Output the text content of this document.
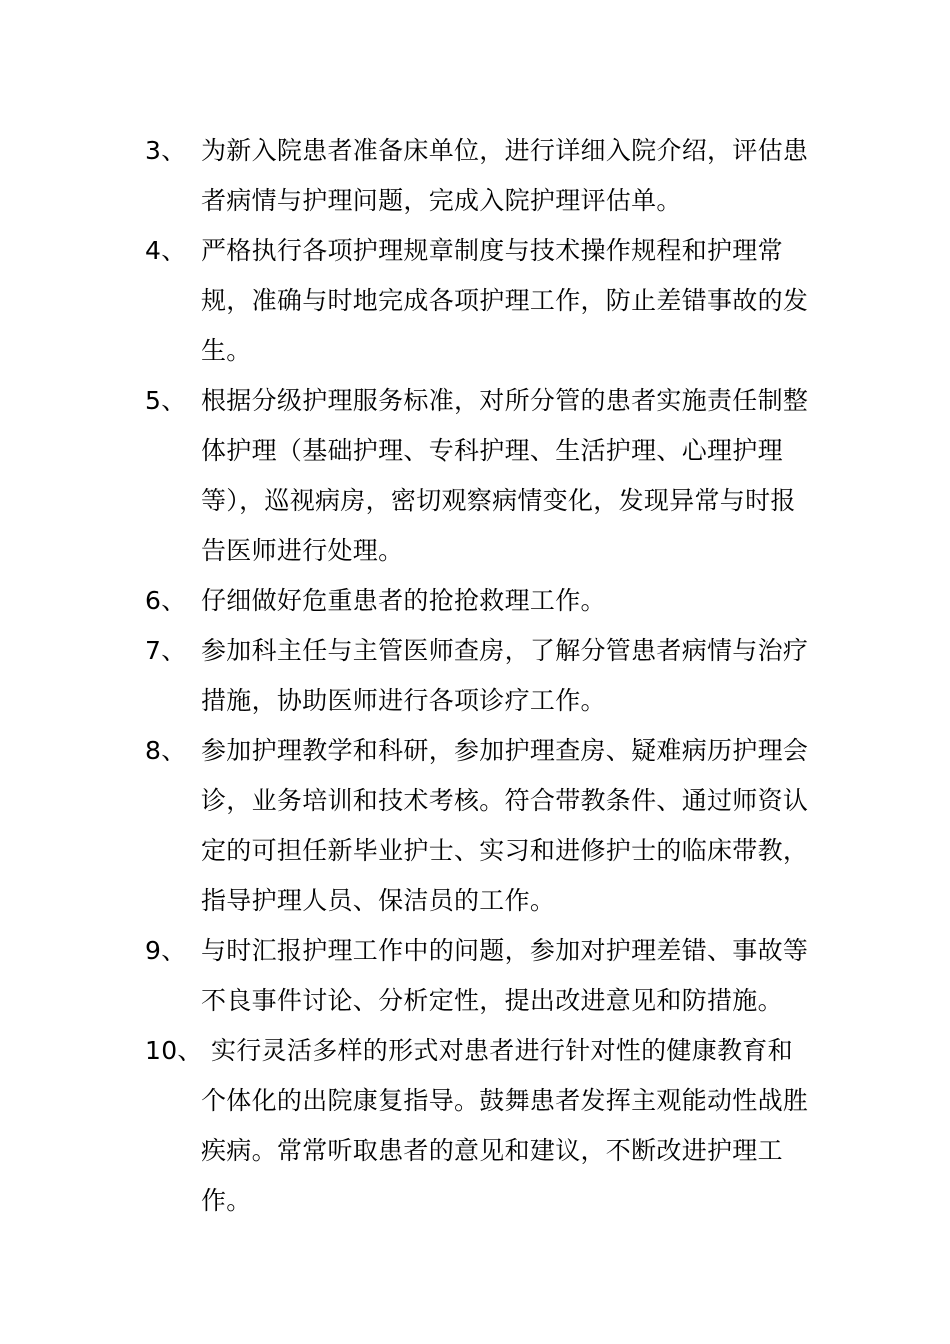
3、 为新入院患者准备床单位，进行详细入院介绍，评估患者病情与护理问题，完成入院护理评估单。
4、 严格执行各项护理规章制度与技术操作规程和护理常规，准确与时地完成各项护理工作，防止差错事故的发生。
5、 根据分级护理服务标准，对所分管的患者实施责任制整体护理（基础护理、专科护理、生活护理、心理护理等），巡视病房，密切观察病情变化，发现异常与时报告医师进行处理。
6、 仔细做好危重患者的抢抢救理工作。
7、 参加科主任与主管医师查房，了解分管患者病情与治疗措施，协助医师进行各项诊疗工作。
8、 参加护理教学和科研，参加护理查房、疑难病历护理会诊，业务培训和技术考核。符合带教条件、通过师资认定的可担任新毕业护士、实习和进修护士的临床带教，指导护理人员、保洁员的工作。
9、 与时汇报护理工作中的问题，参加对护理差错、事故等不良事件讨论、分析定性，提出改进意见和防措施。
10、 实行灵活多样的形式对患者进行针对性的健康教育和个体化的出院康复指导。鼓舞患者发挥主观能动性战胜疾病。常常听取患者的意见和建议，不断改进护理工作。
